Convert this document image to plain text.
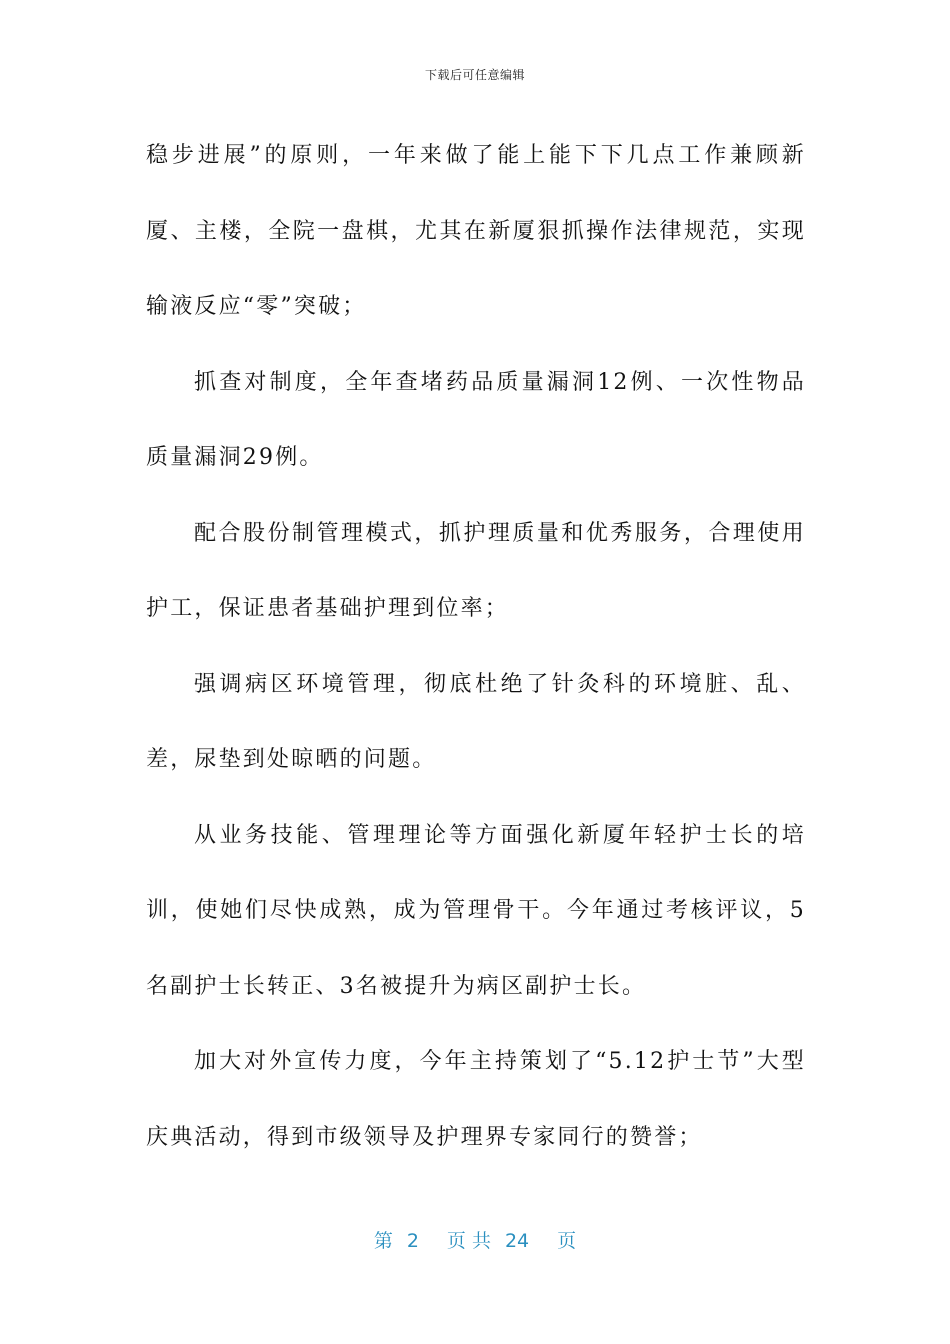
下载后可任意编辑

稳步进展”的原则，一年来做了能上能下下几点工作兼顾新厦、主楼，全院一盘棋，尤其在新厦狠抓操作法律规范，实现输液反应“零”突破；

抓查对制度，全年查堵药品质量漏洞12例、一次性物品质量漏洞29例。

配合股份制管理模式，抓护理质量和优秀服务，合理使用护工，保证患者基础护理到位率；

强调病区环境管理，彻底杜绝了针灸科的环境脏、乱、差，尿垫到处晾晒的问题。

从业务技能、管理理论等方面强化新厦年轻护士长的培训，使她们尽快成熟，成为管理骨干。今年通过考核评议，5名副护士长转正、3名被提升为病区副护士长。

加大对外宣传力度，今年主持策划了“5.12护士节”大型庆典活动，得到市级领导及护理界专家同行的赞誉；

第 2 页 共 24 页
